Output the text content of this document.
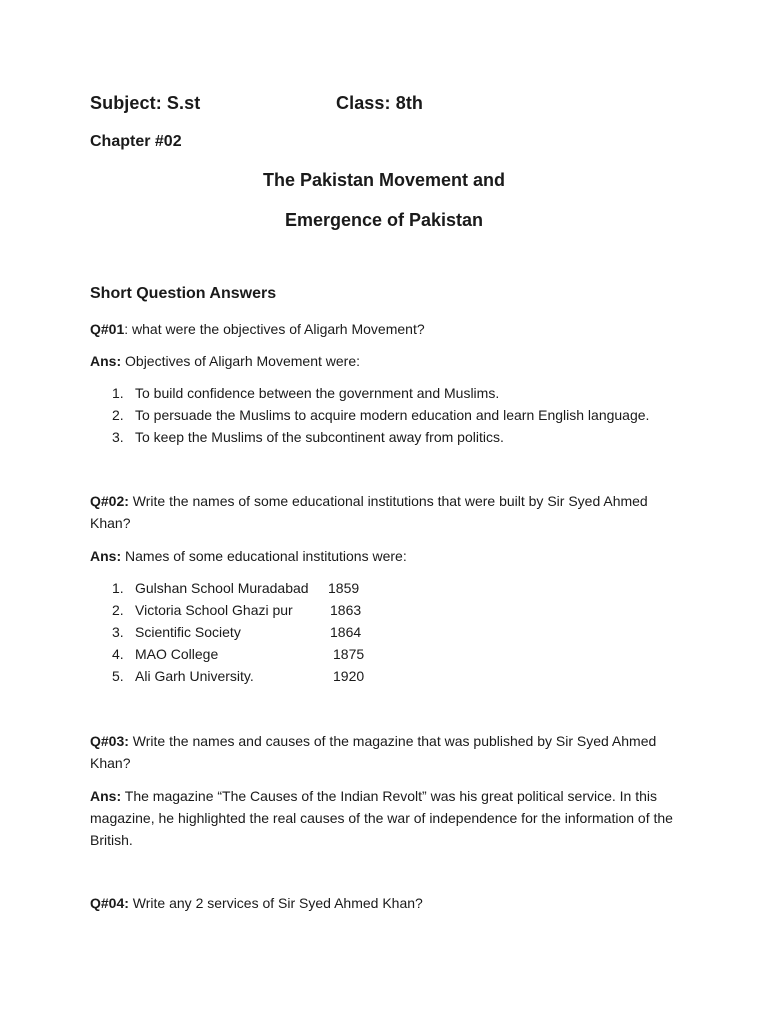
Subject: S.st	Class: 8th
Chapter #02
The Pakistan Movement and
Emergence of Pakistan
Short Question Answers
Q#01: what were the objectives of Aligarh Movement?
Ans: Objectives of Aligarh Movement were:
1. To build confidence between the government and Muslims.
2. To persuade the Muslims to acquire modern education and learn English language.
3. To keep the Muslims of the subcontinent away from politics.
Q#02: Write the names of some educational institutions that were built by Sir Syed Ahmed Khan?
Ans: Names of some educational institutions were:
1. Gulshan School Muradabad 1859
2. Victoria School Ghazi pur	1863
3. Scientific Society	1864
4. MAO College	1875
5. Ali Garh University.	1920
Q#03: Write the names and causes of the magazine that was published by Sir Syed Ahmed Khan?
Ans: The magazine “The Causes of the Indian Revolt” was his great political service. In this magazine, he highlighted the real causes of the war of independence for the information of the British.
Q#04: Write any 2 services of Sir Syed Ahmed Khan?
